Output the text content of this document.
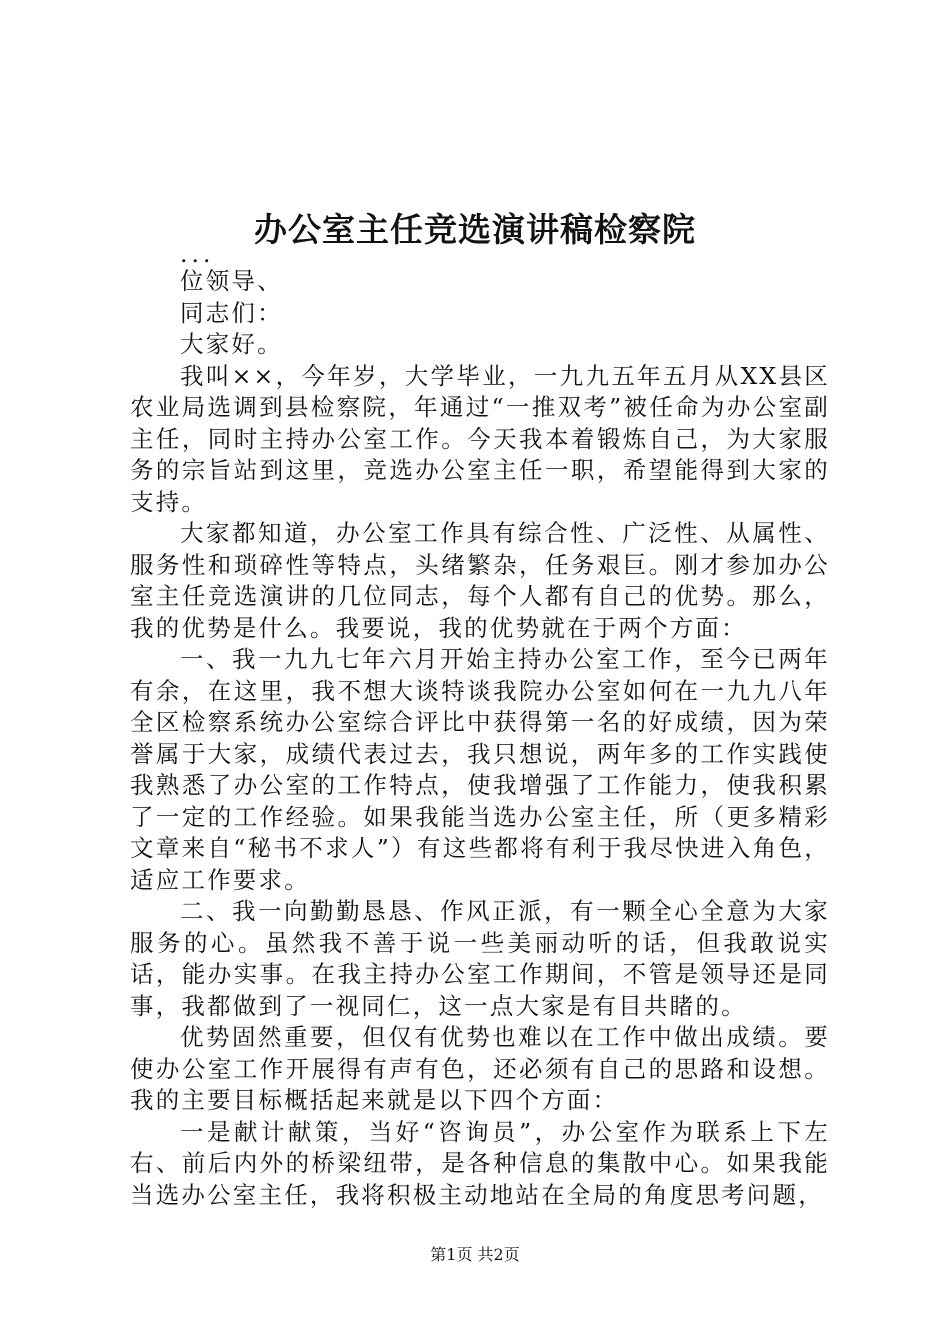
办公室主任竞选演讲稿检察院

...

位领导、

同志们：

大家好。

我叫××，今年岁，大学毕业，一九九五年五月从XX县区农业局选调到县检察院，年通过“一推双考”被任命为办公室副主任，同时主持办公室工作。今天我本着锻炼自己，为大家服务的宗旨站到这里，竞选办公室主任一职，希望能得到大家的支持。

大家都知道，办公室工作具有综合性、广泛性、从属性、服务性和琐碎性等特点，头绪繁杂，任务艰巨。刚才参加办公室主任竞选演讲的几位同志，每个人都有自己的优势。那么，我的优势是什么。我要说，我的优势就在于两个方面：

一、我一九九七年六月开始主持办公室工作，至今已两年有余，在这里，我不想大谈特谈我院办公室如何在一九九八年全区检察系统办公室综合评比中获得第一名的好成绩，因为荣誉属于大家，成绩代表过去，我只想说，两年多的工作实践使我熟悉了办公室的工作特点，使我增强了工作能力，使我积累了一定的工作经验。如果我能当选办公室主任，所（更多精彩文章来自“秘书不求人”）有这些都将有利于我尽快进入角色，适应工作要求。

二、我一向勤勤恳恳、作风正派，有一颗全心全意为大家服务的心。虽然我不善于说一些美丽动听的话，但我敢说实话，能办实事。在我主持办公室工作期间，不管是领导还是同事，我都做到了一视同仁，这一点大家是有目共睹的。

优势固然重要，但仅有优势也难以在工作中做出成绩。要使办公室工作开展得有声有色，还必须有自己的思路和设想。我的主要目标概括起来就是以下四个方面：

一是献计献策，当好“咨询员”，办公室作为联系上下左右、前后内外的桥梁纽带，是各种信息的集散中心。如果我能当选办公室主任，我将积极主动地站在全局的角度思考问题，

第1页 共2页
